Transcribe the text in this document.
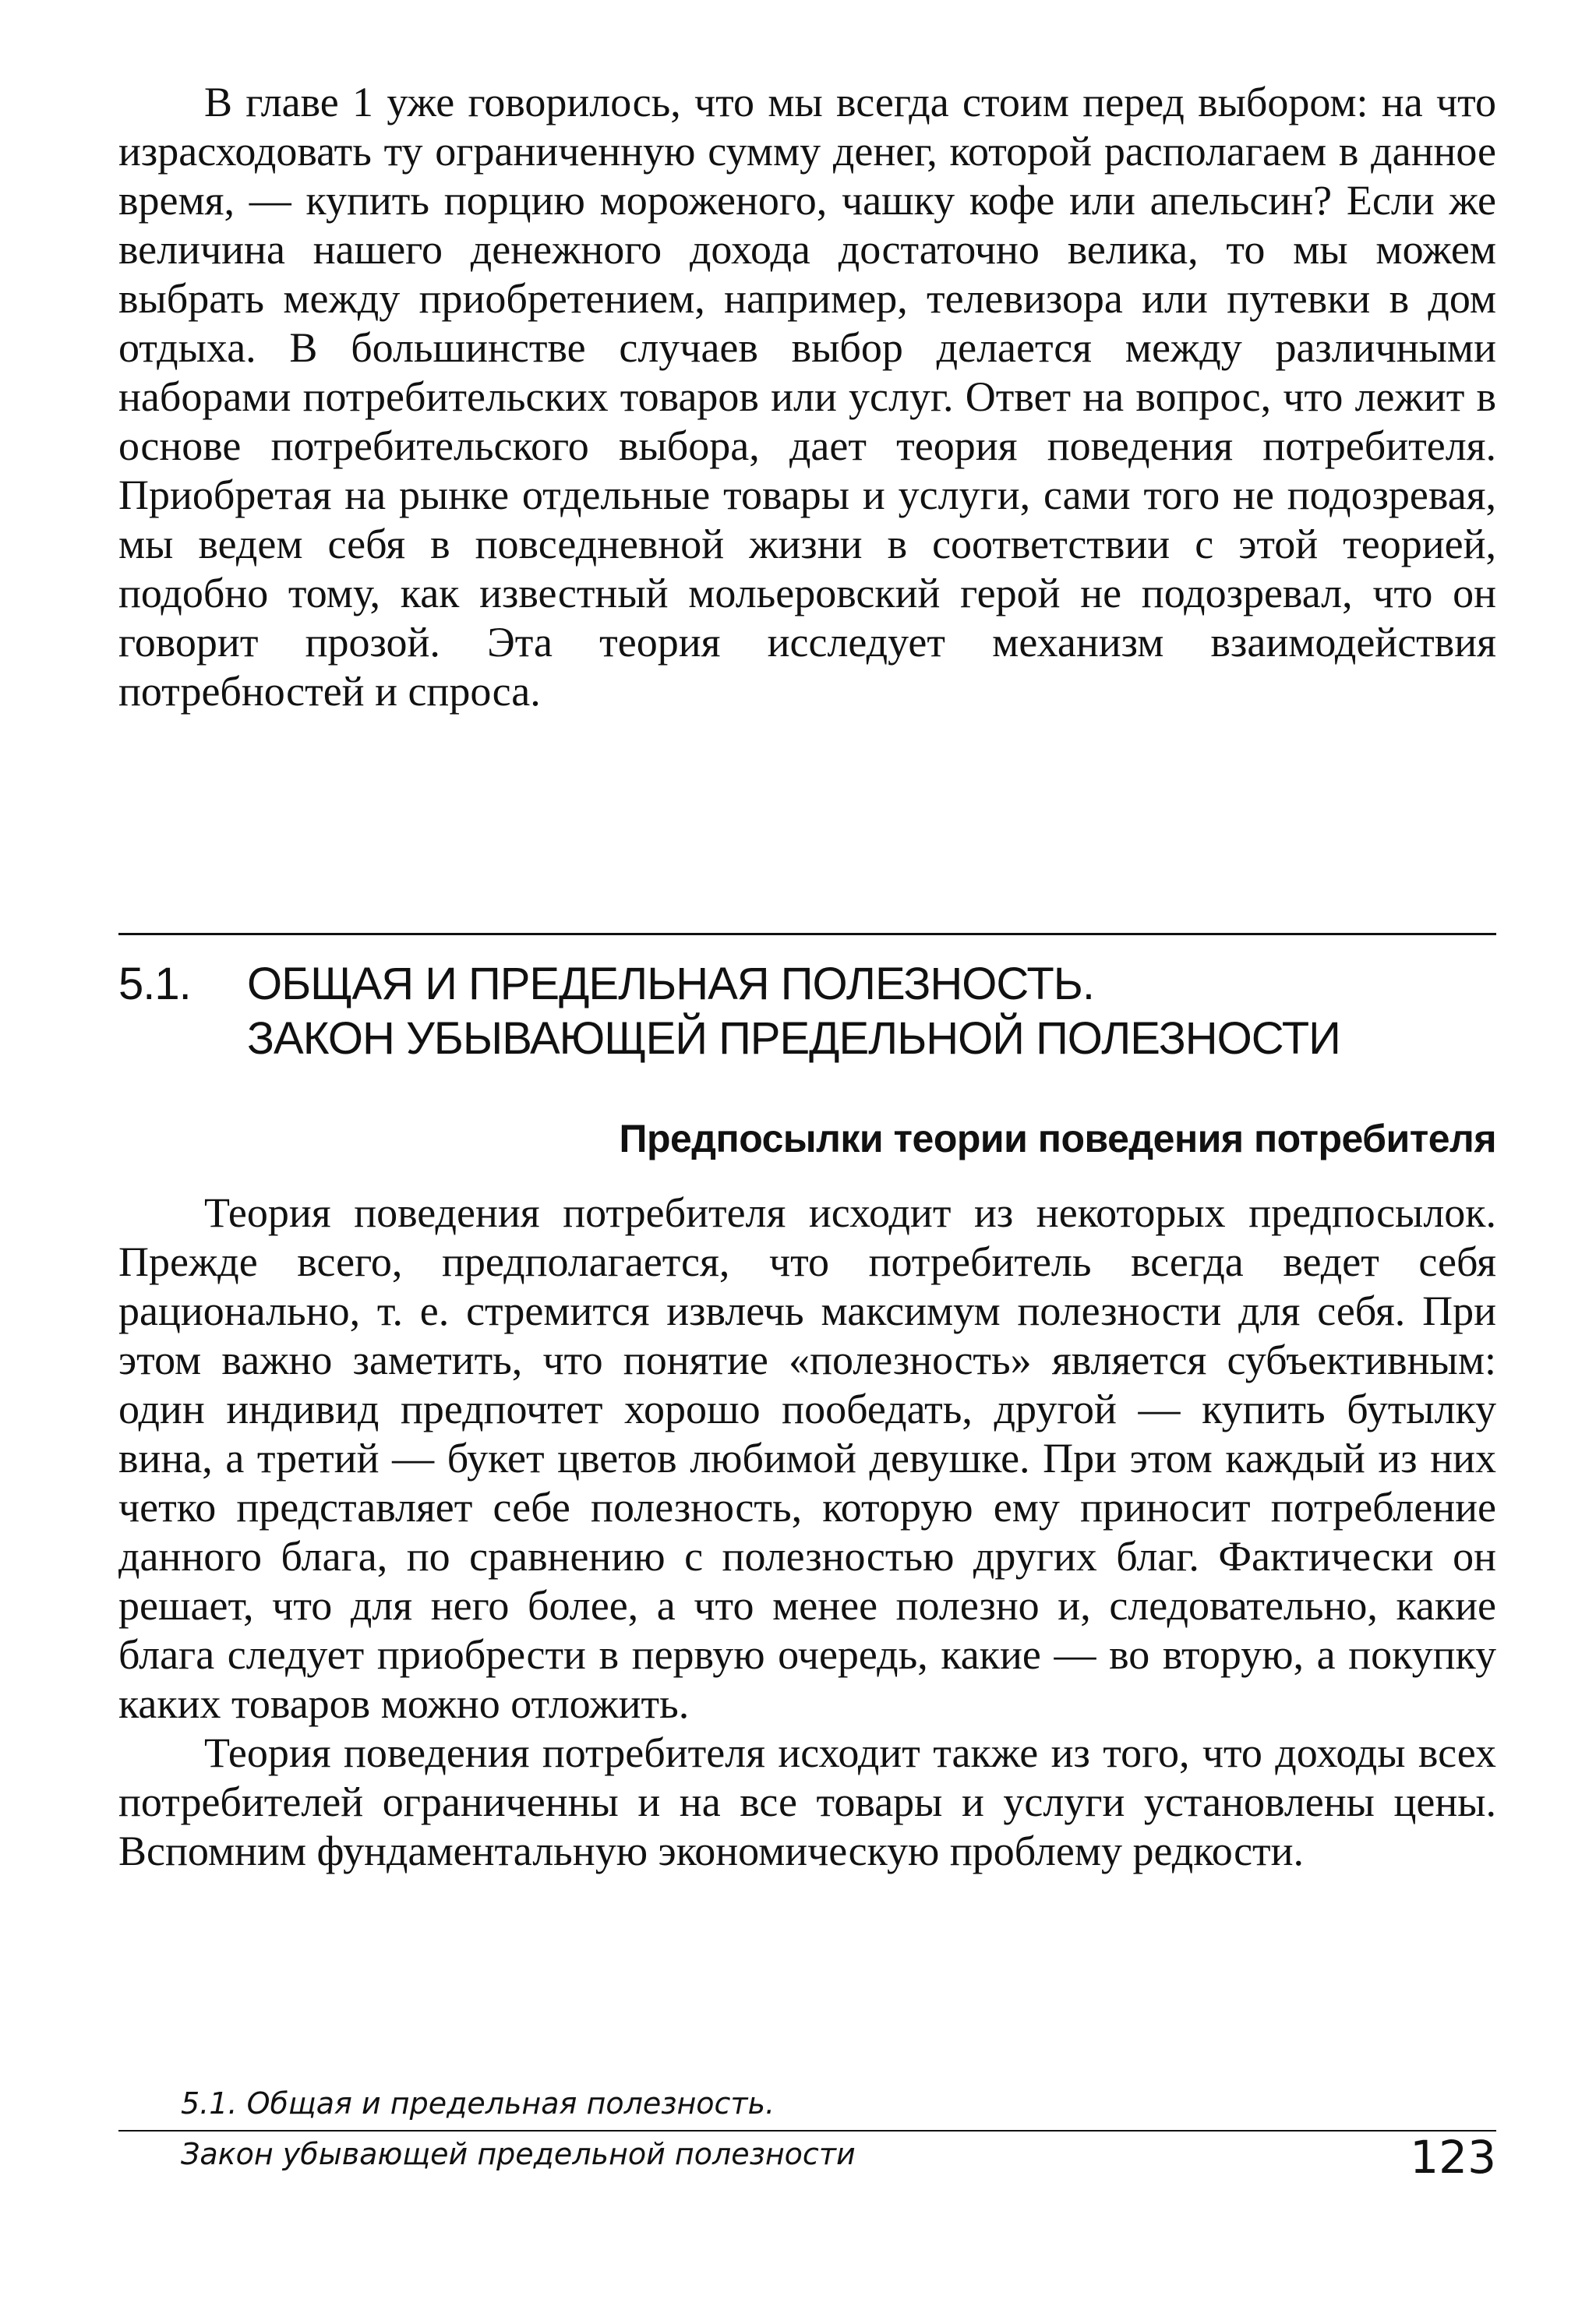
В главе 1 уже говорилось, что мы всегда стоим перед выбором: на что израсходовать ту ограниченную сумму денег, которой располагаем в данное время, — купить порцию мороженого, чашку кофе или апельсин? Если же величина нашего денежного дохода достаточно велика, то мы можем выбрать между приобретением, например, телевизора или путевки в дом отдыха. В большинстве случаев выбор делается между различными наборами потребительских товаров или услуг. Ответ на вопрос, что лежит в основе потребительского выбора, дает теория поведения потребителя. Приобретая на рынке отдельные товары и услуги, сами того не подозревая, мы ведем себя в повседневной жизни в соответствии с этой теорией, подобно тому, как известный мольеровский герой не подозревал, что он говорит прозой. Эта теория исследует механизм взаимодействия потребностей и спроса.

5.1. ОБЩАЯ И ПРЕДЕЛЬНАЯ ПОЛЕЗНОСТЬ.
ЗАКОН УБЫВАЮЩЕЙ ПРЕДЕЛЬНОЙ ПОЛЕЗНОСТИ
Предпосылки теории поведения потребителя

Теория поведения потребителя исходит из некоторых предпосылок. Прежде всего, предполагается, что потребитель всегда ведет себя рационально, т. е. стремится извлечь максимум полезности для себя. При этом важно заметить, что понятие «полезность» является субъективным: один индивид предпочтет хорошо пообедать, другой — купить бутылку вина, а третий — букет цветов любимой девушке. При этом каждый из них четко представляет себе полезность, которую ему приносит потребление данного блага, по сравнению с полезностью других благ. Фактически он решает, что для него более, а что менее полезно и, следовательно, какие блага следует приобрести в первую очередь, какие — во вторую, а покупку каких товаров можно отложить.

Теория поведения потребителя исходит также из того, что доходы всех потребителей ограниченны и на все товары и услуги установлены цены. Вспомним фундаментальную экономическую проблему редкости.

5.1. Общая и предельная полезность.
Закон убывающей предельной полезности	123
